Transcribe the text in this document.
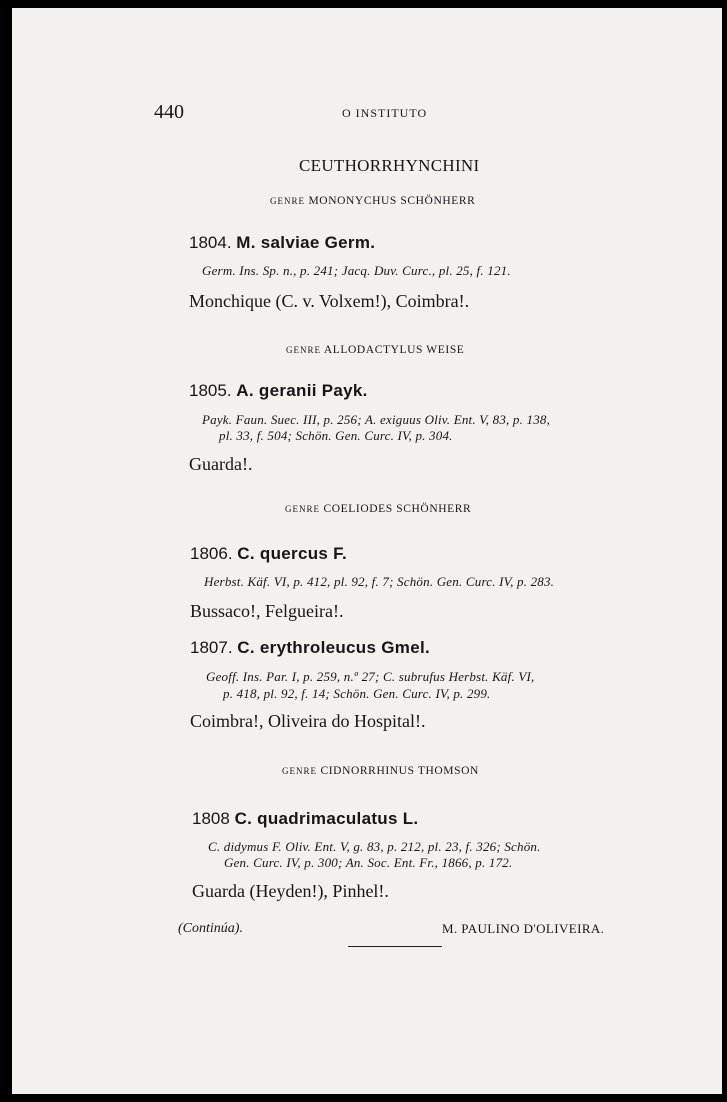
440	O INSTITUTO
CEUTHORRHYNCHINI
GENRE MONONYCHUS SCHÖNHERR
1804. M. salviae Germ.
Germ. Ins. Sp. n., p. 241; Jacq. Duv. Curc., pl. 25, f. 121.
Monchique (C. v. Volxem!), Coimbra!.
GENRE ALLODACTYLUS WEISE
1805. A. geranii Payk.
Payk. Faun. Suec. III, p. 256; A. exiguus Oliv. Ent. V, 83, p. 138,
pl. 33, f. 504; Schön. Gen. Curc. IV, p. 304.
Guarda!.
GENRE COELIODES SCHÖNHERR
1806. C. quercus F.
Herbst. Käf. VI, p. 412, pl. 92, f. 7; Schön. Gen. Curc. IV, p. 283.
Bussaco!, Felgueira!.
1807. C. erythroleucus Gmel.
Geoff. Ins. Par. I, p. 259, n.º 27; C. subrufus Herbst. Käf. VI,
p. 418, pl. 92, f. 14; Schön. Gen. Curc. IV, p. 299.
Coimbra!, Oliveira do Hospital!.
GENRE CIDNORRHINUS THOMSON
1808 C. quadrimaculatus L.
C. didymus F. Oliv. Ent. V, g. 83, p. 212, pl. 23, f. 326; Schön.
Gen. Curc. IV, p. 300; An. Soc. Ent. Fr., 1866, p. 172.
Guarda (Heyden!), Pinhel!.
(Continúa).	M. PAULINO D'OLIVEIRA.
